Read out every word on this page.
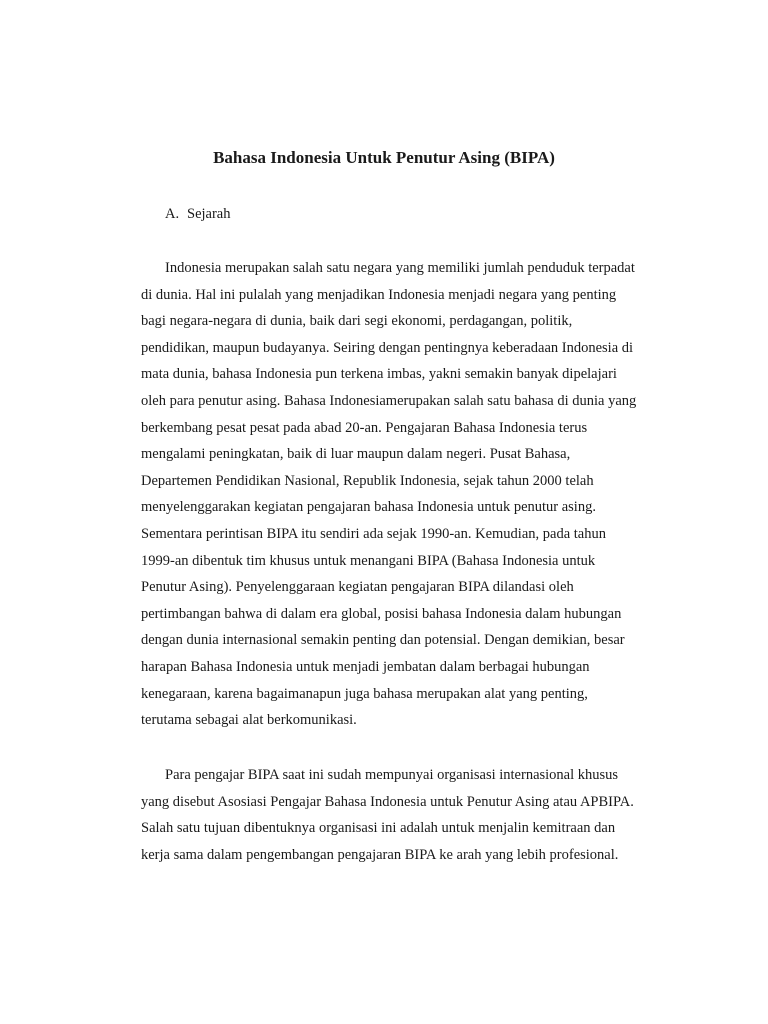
Bahasa Indonesia Untuk Penutur Asing (BIPA)

A. Sejarah

Indonesia merupakan salah satu negara yang memiliki jumlah penduduk terpadat
di dunia. Hal ini pulalah yang menjadikan Indonesia menjadi negara yang penting
bagi negara-negara di dunia, baik dari segi ekonomi, perdagangan, politik,
pendidikan, maupun budayanya. Seiring dengan pentingnya keberadaan Indonesia di
mata dunia, bahasa Indonesia pun terkena imbas, yakni semakin banyak dipelajari
oleh para penutur asing. Bahasa Indonesiamerupakan salah satu bahasa di dunia yang
berkembang pesat pesat pada abad 20-an. Pengajaran Bahasa Indonesia terus
mengalami peningkatan, baik di luar maupun dalam negeri. Pusat Bahasa,
Departemen Pendidikan Nasional, Republik Indonesia, sejak tahun 2000 telah
menyelenggarakan kegiatan pengajaran bahasa Indonesia untuk penutur asing.
Sementara perintisan BIPA itu sendiri ada sejak 1990-an. Kemudian, pada tahun
1999-an dibentuk tim khusus untuk menangani BIPA (Bahasa Indonesia untuk
Penutur Asing). Penyelenggaraan kegiatan pengajaran BIPA dilandasi oleh
pertimbangan bahwa di dalam era global, posisi bahasa Indonesia dalam hubungan
dengan dunia internasional semakin penting dan potensial. Dengan demikian, besar
harapan Bahasa Indonesia untuk menjadi jembatan dalam berbagai hubungan
kenegaraan, karena bagaimanapun juga bahasa merupakan alat yang penting,
terutama sebagai alat berkomunikasi.
Para pengajar BIPA saat ini sudah mempunyai organisasi internasional khusus
yang disebut Asosiasi Pengajar Bahasa Indonesia untuk Penutur Asing atau APBIPA.
Salah satu tujuan dibentuknya organisasi ini adalah untuk menjalin kemitraan dan
kerja sama dalam pengembangan pengajaran BIPA ke arah yang lebih profesional.
